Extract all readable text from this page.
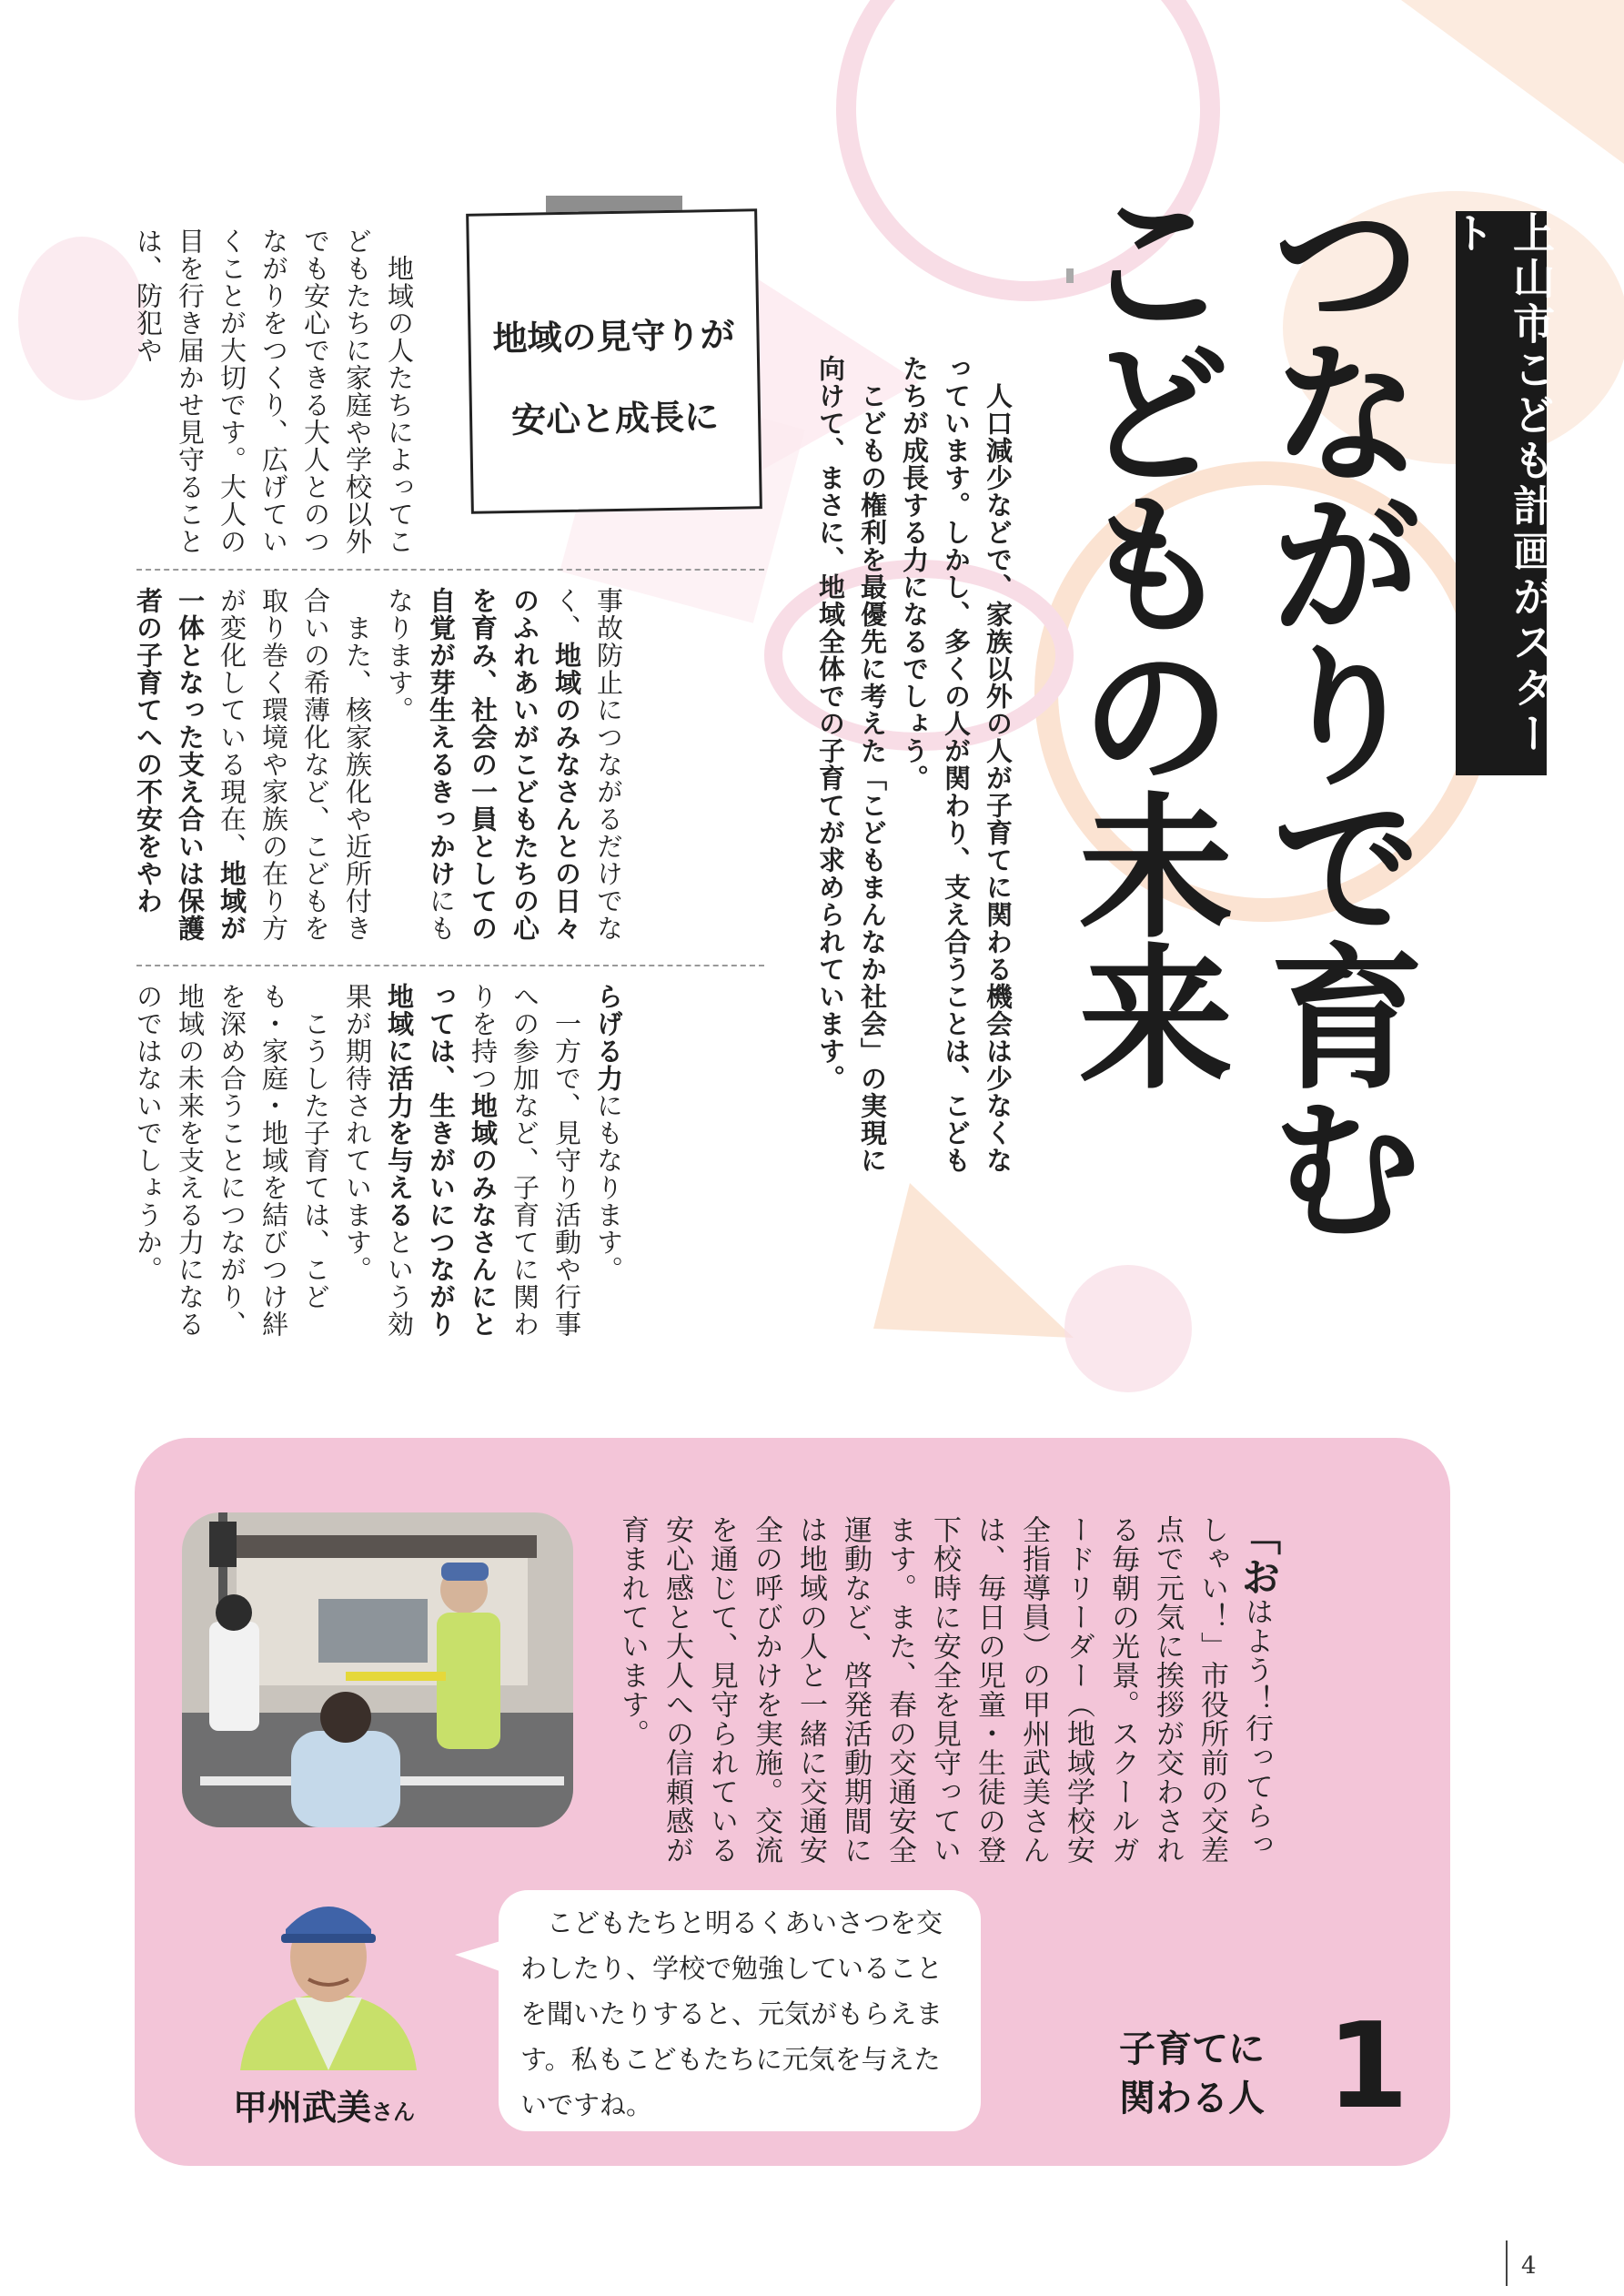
上山市こども計画がスタート
つながりで育む
こどもの未来
　人口減少などで、家族以外の人が子育てに関わる機会は少なくなっています。しかし、多くの人が関わり、支え合うことは、こどもたちが成長する力になるでしょう。
　こどもの権利を最優先に考えた「こどもまんなか社会」の実現に向けて、まさに、地域全体での子育てが求められています。
地域の見守りが
安心と成長に
　地域の人たちによってこどもたちに家庭や学校以外でも安心できる大人とのつながりをつくり、広げていくことが大切です。大人の目を行き届かせ見守ることは、防犯や
事故防止につながるだけでなく、地域のみなさんとの日々のふれあいがこどもたちの心を育み、社会の一員としての自覚が芽生えるきっかけにもなります。
　また、核家族化や近所付き合いの希薄化など、こどもを取り巻く環境や家族の在り方が変化している現在、地域が一体となった支え合いは保護者の子育てへの不安をやわ
らげる力にもなります。
　一方で、見守り活動や行事への参加など、子育てに関わりを持つ地域のみなさんにとっては、生きがいにつながり地域に活力を与えるという効果が期待されています。
　こうした子育ては、こども・家庭・地域を結びつけ絆を深め合うことにつながり、地域の未来を支える力になるのではないでしょうか。
「おはよう！行ってらっしゃい！」市役所前の交差点で元気に挨拶が交わされる毎朝の光景。スクールガードリーダー（地域学校安全指導員）の甲州武美さんは、毎日の児童・生徒の登下校時に安全を見守っています。また、春の交通安全運動など、啓発活動期間には地域の人と一緒に交通安全の呼びかけを実施。交流を通じて、見守られている安心感と大人への信頼感が育まれています。
　こどもたちと明るくあいさつを交わしたり、学校で勉強していることを聞いたりすると、元気がもらえます。私もこどもたちに元気を与えたいですね。
甲州武美さん
子育てに
関わる人 1
4
